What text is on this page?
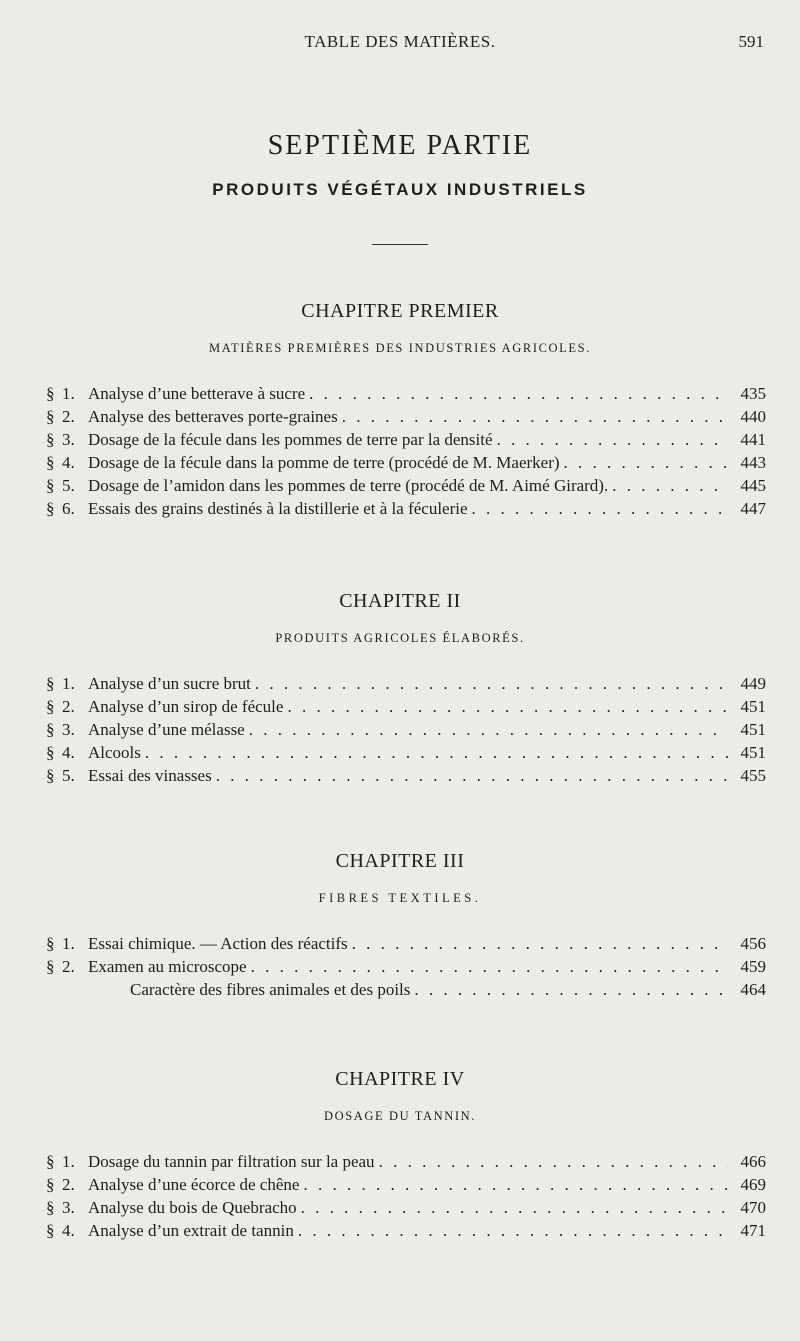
TABLE DES MATIÈRES.	591
SEPTIÈME PARTIE
PRODUITS VÉGÉTAUX INDUSTRIELS
CHAPITRE PREMIER
MATIÈRES PREMIÈRES DES INDUSTRIES AGRICOLES.
§ 1. Analyse d’une betterave à sucre . . .	435
§ 2. Analyse des betteraves porte-graines . . .	440
§ 3. Dosage de la fécule dans les pommes de terre par la densité . . .	441
§ 4. Dosage de la fécule dans la pomme de terre (procédé de M. Maerker) . . .	443
§ 5. Dosage de l’amidon dans les pommes de terre (procédé de M. Aimé Girard). . . .	445
§ 6. Essais des grains destinés à la distillerie et à la féculerie . . .	447
CHAPITRE II
PRODUITS AGRICOLES ÉLABORÉS.
§ 1. Analyse d’un sucre brut . . .	449
§ 2. Analyse d’un sirop de fécule . . .	451
§ 3. Analyse d’une mélasse . . .	451
§ 4. Alcools . . .	451
§ 5. Essai des vinasses . . .	455
CHAPITRE III
FIBRES TEXTILES.
§ 1. Essai chimique. — Action des réactifs . . .	456
§ 2. Examen au microscope . . .	459
Caractère des fibres animales et des poils . . .	464
CHAPITRE IV
DOSAGE DU TANNIN.
§ 1. Dosage du tannin par filtration sur la peau . . .	466
§ 2. Analyse d’une écorce de chêne . . .	469
§ 3. Analyse du bois de Quebracho . . .	470
§ 4. Analyse d’un extrait de tannin . . .	471
